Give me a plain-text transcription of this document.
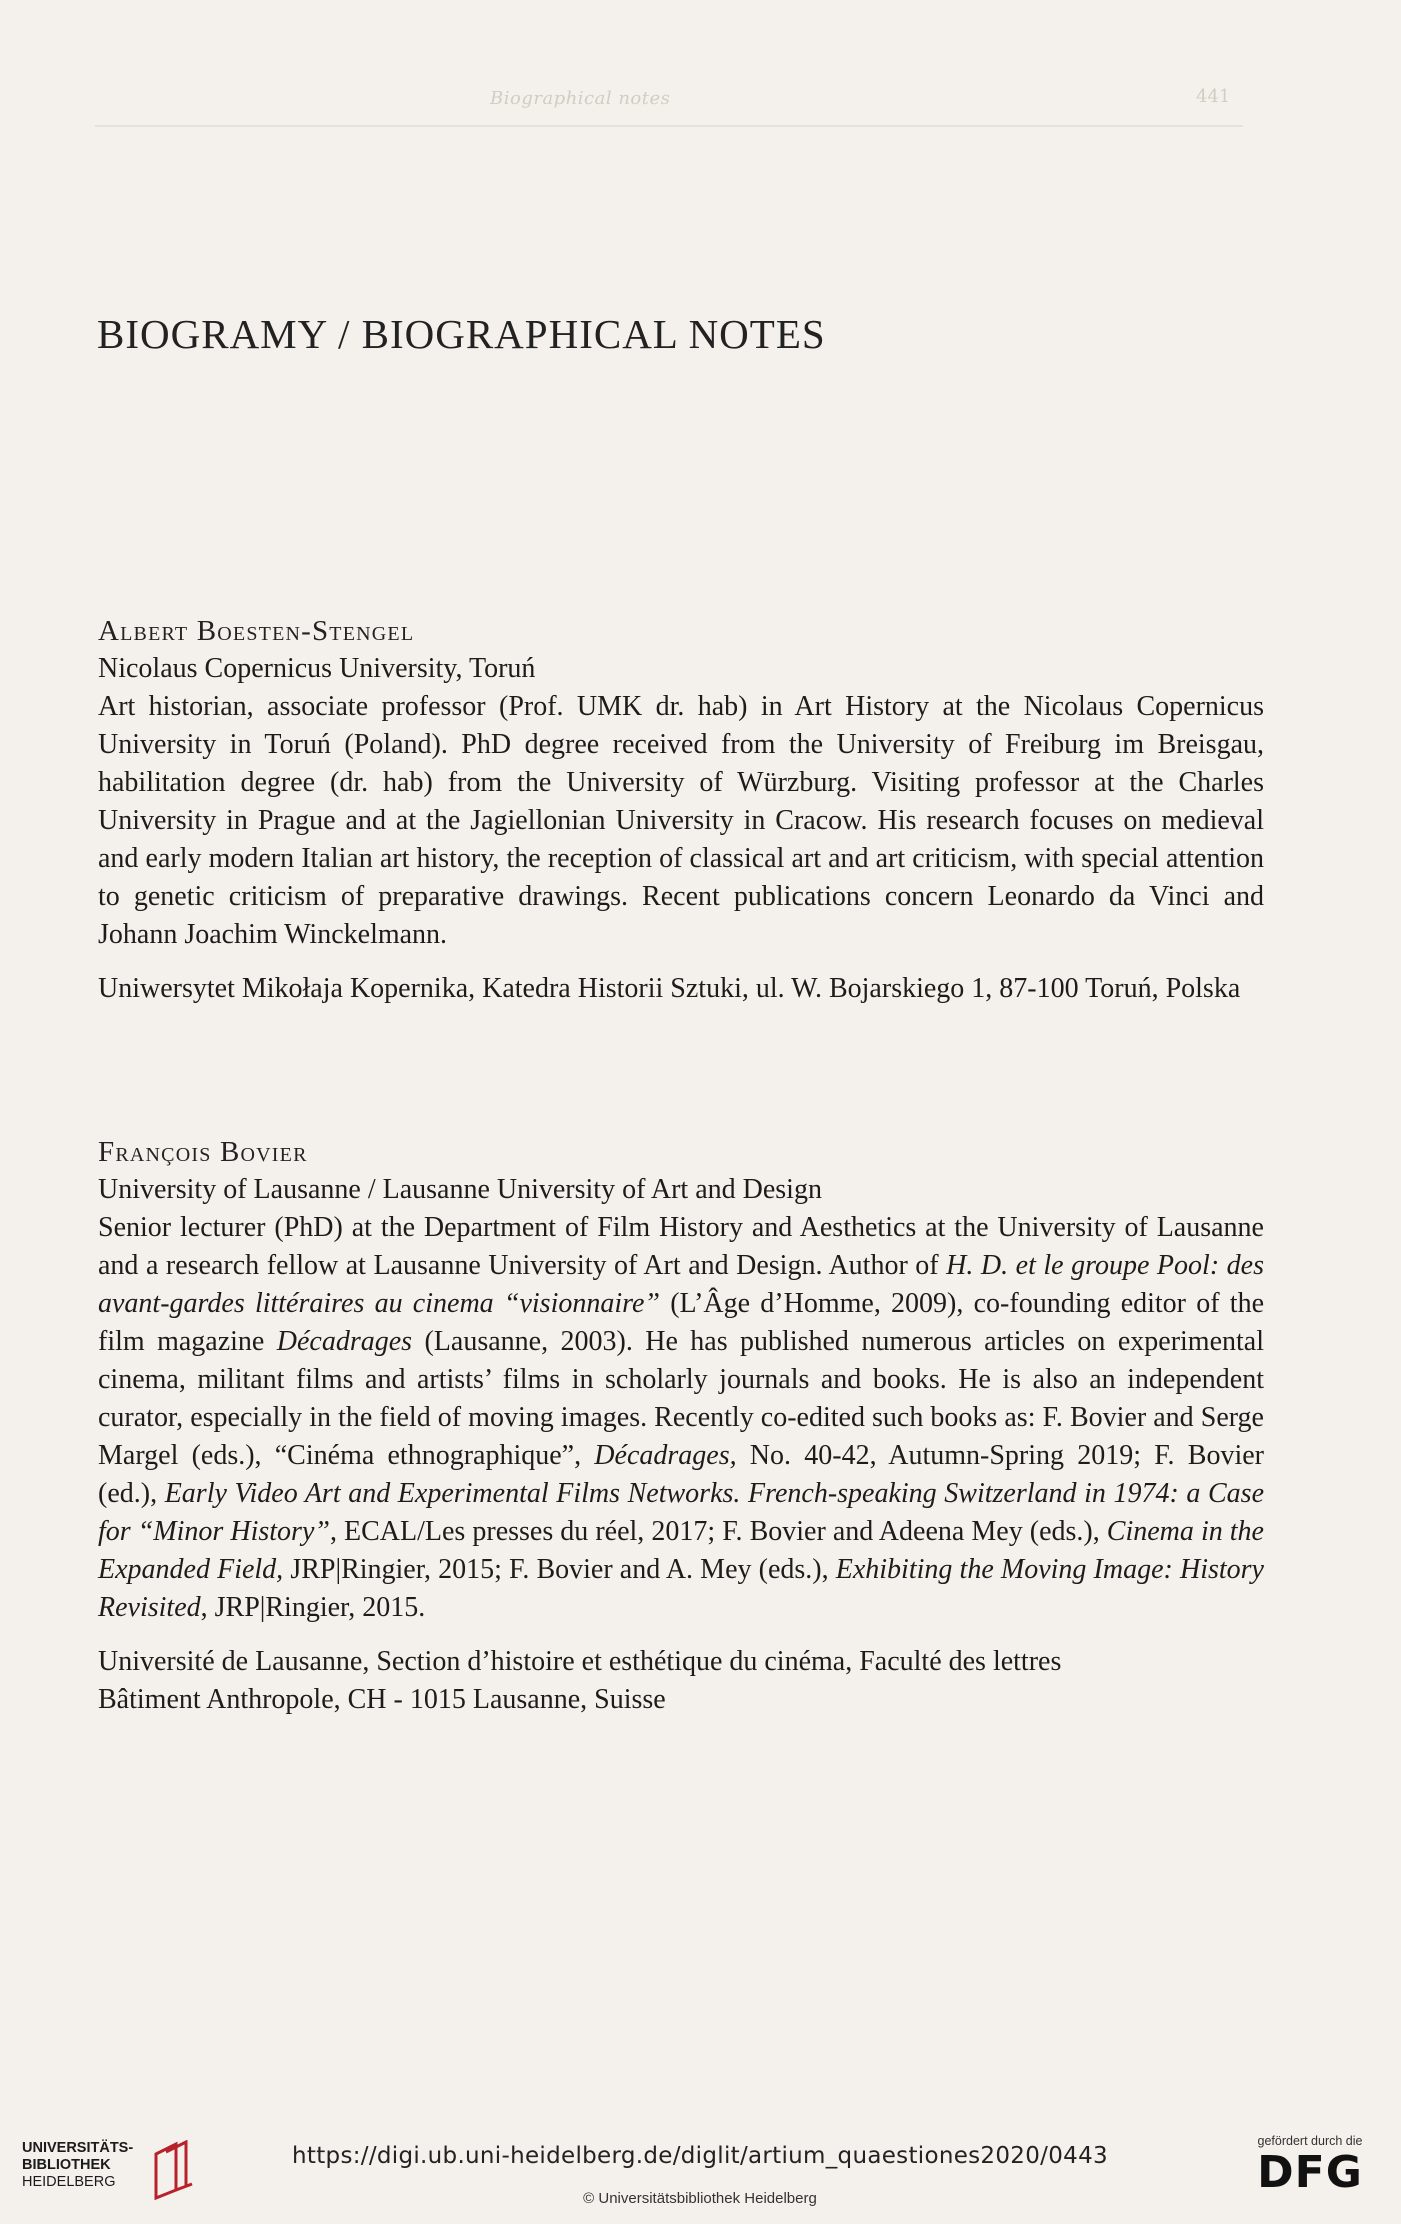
Biographical notes	441
BIOGRAMY / BIOGRAPHICAL NOTES
Albert Boesten-Stengel
Nicolaus Copernicus University, Toruń

Art historian, associate professor (Prof. UMK dr. hab) in Art History at the Nicolaus Copernicus University in Toruń (Poland). PhD degree received from the University of Freiburg im Breisgau, habilitation degree (dr. hab) from the University of Würzburg. Visiting professor at the Charles University in Prague and at the Jagiellonian University in Cracow. His research focuses on medieval and early modern Italian art history, the reception of classical art and art criticism, with special attention to genetic criticism of preparative drawings. Recent publications concern Leonardo da Vinci and Johann Joachim Winckelmann.

Uniwersytet Mikołaja Kopernika, Katedra Historii Sztuki, ul. W. Bojarskiego 1, 87-100 Toruń, Polska

François Bovier
University of Lausanne / Lausanne University of Art and Design

Senior lecturer (PhD) at the Department of Film History and Aesthetics at the University of Lausanne and a research fellow at Lausanne University of Art and Design. Author of H. D. et le groupe Pool: des avant-gardes littéraires au cinema “visionnaire” (L’Âge d’Homme, 2009), co-founding editor of the film magazine Décadrages (Lausanne, 2003). He has published numerous articles on experimental cinema, militant films and artists’ films in scholarly journals and books. He is also an independent curator, especially in the field of moving images. Recently co-edited such books as: F. Bovier and Serge Margel (eds.), “Cinéma ethnographique”, Décadrages, No. 40-42, Autumn-Spring 2019; F. Bovier (ed.), Early Video Art and Experimental Films Networks. French-speaking Switzerland in 1974: a Case for “Minor History”, ECAL/Les presses du réel, 2017; F. Bovier and Adeena Mey (eds.), Cinema in the Expanded Field, JRP|Ringier, 2015; F. Bovier and A. Mey (eds.), Exhibiting the Moving Image: History Revisited, JRP|Ringier, 2015.

Université de Lausanne, Section d’histoire et esthétique du cinéma, Faculté des lettres
Bâtiment Anthropole, CH - 1015 Lausanne, Suisse

UNIVERSITÄTS-
BIBLIOTHEK
HEIDELBERG
https://digi.ub.uni-heidelberg.de/diglit/artium_quaestiones2020/0443
© Universitätsbibliothek Heidelberg
gefördert durch die
DFG
